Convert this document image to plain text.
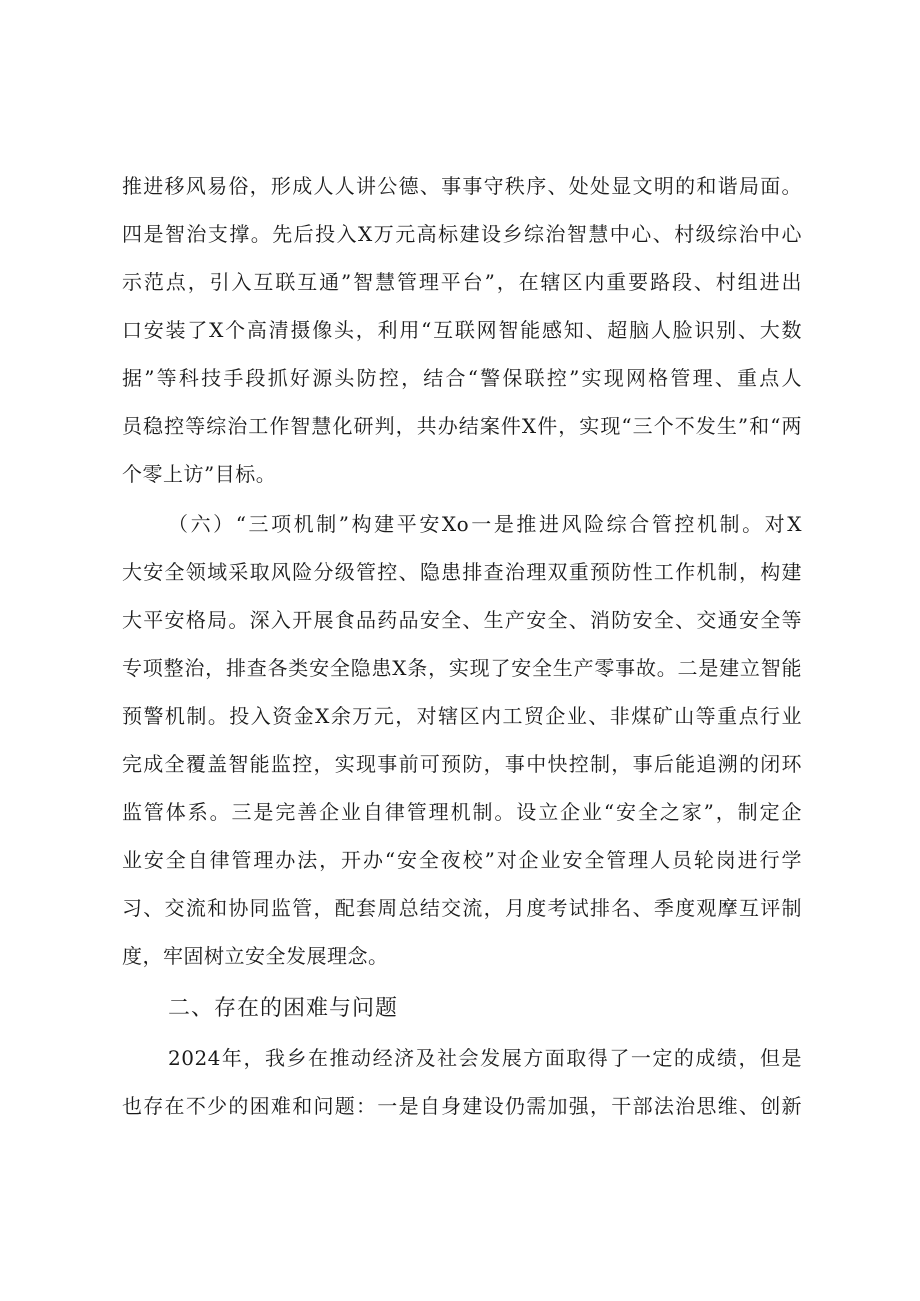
推进移风易俗，形成人人讲公德、事事守秩序、处处显文明的和谐局面。
四是智治支撑。先后投入X万元高标建设乡综治智慧中心、村级综治中心
示范点，引入互联互通”智慧管理平台”，在辖区内重要路段、村组进出
口安装了X个高清摄像头，利用“互联网智能感知、超脑人脸识别、大数
据”等科技手段抓好源头防控，结合“警保联控”实现网格管理、重点人
员稳控等综治工作智慧化研判，共办结案件X件，实现“三个不发生”和“两
个零上访”目标。
（六）“三项机制”构建平安Xo一是推进风险综合管控机制。对X
大安全领域采取风险分级管控、隐患排查治理双重预防性工作机制，构建
大平安格局。深入开展食品药品安全、生产安全、消防安全、交通安全等
专项整治，排查各类安全隐患X条，实现了安全生产零事故。二是建立智能
预警机制。投入资金X余万元，对辖区内工贸企业、非煤矿山等重点行业
完成全覆盖智能监控，实现事前可预防，事中快控制，事后能追溯的闭环
监管体系。三是完善企业自律管理机制。设立企业“安全之家”，制定企
业安全自律管理办法，开办“安全夜校”对企业安全管理人员轮岗进行学
习、交流和协同监管，配套周总结交流，月度考试排名、季度观摩互评制
度，牢固树立安全发展理念。
二、存在的困难与问题
2024年，我乡在推动经济及社会发展方面取得了一定的成绩，但是
也存在不少的困难和问题：一是自身建设仍需加强，干部法治思维、创新
